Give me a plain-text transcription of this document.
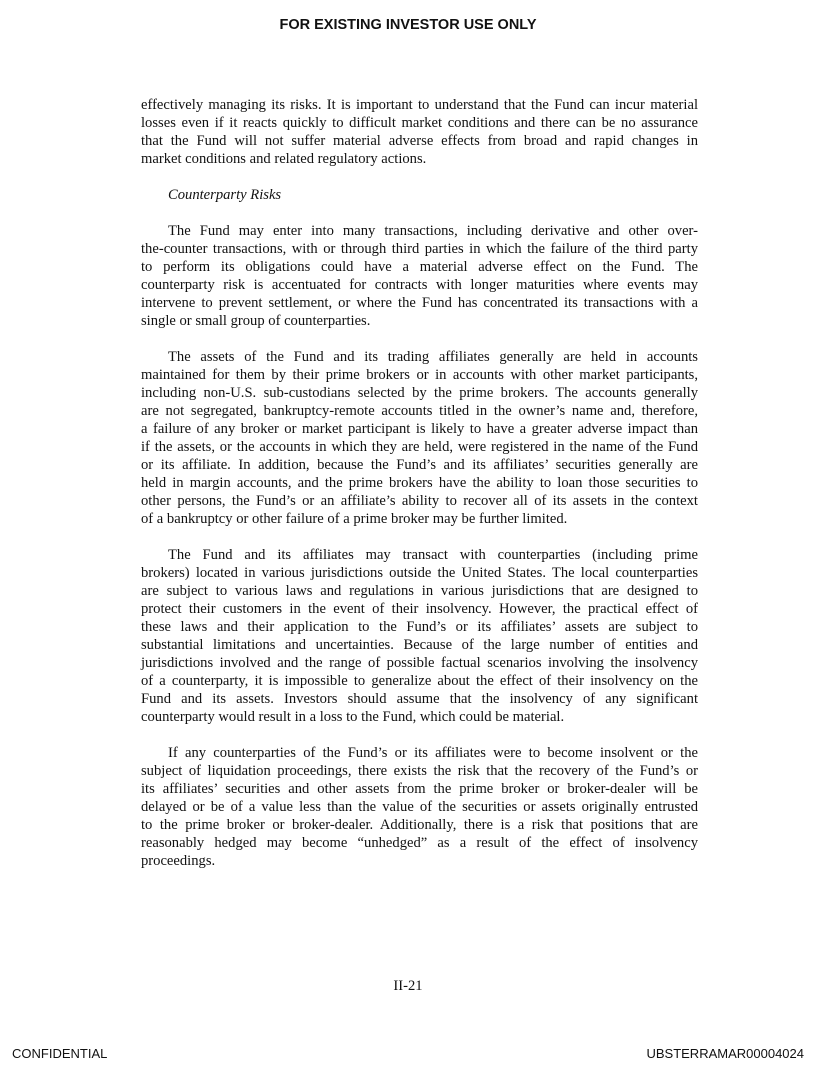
FOR EXISTING INVESTOR USE ONLY
effectively managing its risks. It is important to understand that the Fund can incur material
losses even if it reacts quickly to difficult market conditions and there can be no assurance
that the Fund will not suffer material adverse effects from broad and rapid changes in
market conditions and related regulatory actions.
Counterparty Risks
The Fund may enter into many transactions, including derivative and other over-
the-counter transactions, with or through third parties in which the failure of the third party
to perform its obligations could have a material adverse effect on the Fund. The
counterparty risk is accentuated for contracts with longer maturities where events may
intervene to prevent settlement, or where the Fund has concentrated its transactions with a
single or small group of counterparties.
The assets of the Fund and its trading affiliates generally are held in accounts
maintained for them by their prime brokers or in accounts with other market participants,
including non-U.S. sub-custodians selected by the prime brokers. The accounts generally
are not segregated, bankruptcy-remote accounts titled in the owner’s name and, therefore,
a failure of any broker or market participant is likely to have a greater adverse impact than
if the assets, or the accounts in which they are held, were registered in the name of the Fund
or its affiliate. In addition, because the Fund’s and its affiliates’ securities generally are
held in margin accounts, and the prime brokers have the ability to loan those securities to
other persons, the Fund’s or an affiliate’s ability to recover all of its assets in the context
of a bankruptcy or other failure of a prime broker may be further limited.
The Fund and its affiliates may transact with counterparties (including prime
brokers) located in various jurisdictions outside the United States. The local counterparties
are subject to various laws and regulations in various jurisdictions that are designed to
protect their customers in the event of their insolvency. However, the practical effect of
these laws and their application to the Fund’s or its affiliates’ assets are subject to
substantial limitations and uncertainties. Because of the large number of entities and
jurisdictions involved and the range of possible factual scenarios involving the insolvency
of a counterparty, it is impossible to generalize about the effect of their insolvency on the
Fund and its assets. Investors should assume that the insolvency of any significant
counterparty would result in a loss to the Fund, which could be material.
If any counterparties of the Fund’s or its affiliates were to become insolvent or the
subject of liquidation proceedings, there exists the risk that the recovery of the Fund’s or
its affiliates’ securities and other assets from the prime broker or broker-dealer will be
delayed or be of a value less than the value of the securities or assets originally entrusted
to the prime broker or broker-dealer. Additionally, there is a risk that positions that are
reasonably hedged may become “unhedged” as a result of the effect of insolvency
proceedings.
II-21
CONFIDENTIAL	UBSTERRAMAR00004024
